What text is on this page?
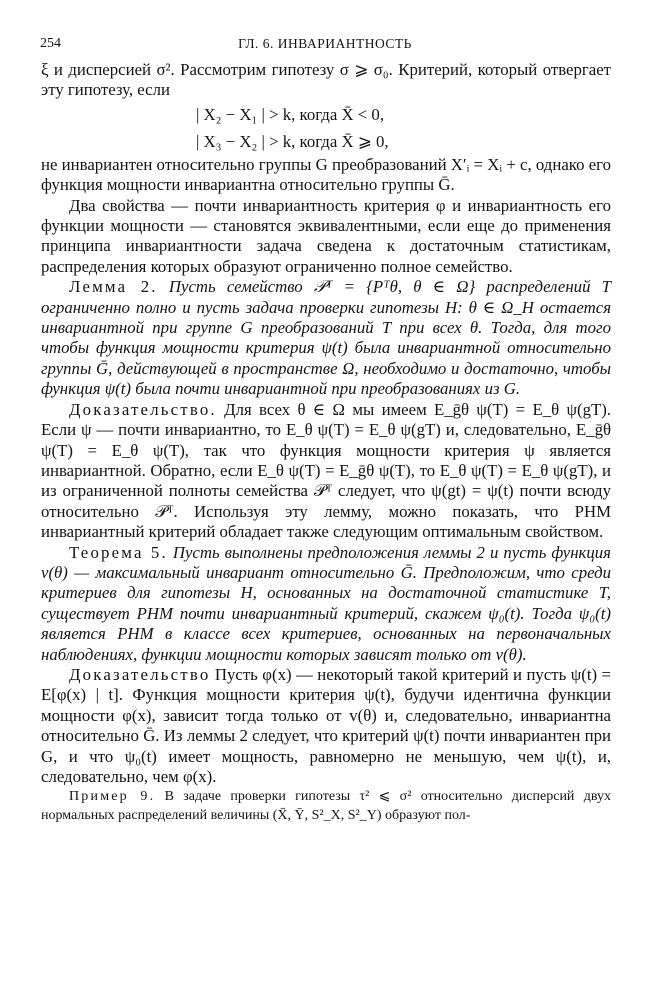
254	ГЛ. 6. ИНВАРИАНТНОСТЬ

ξ и дисперсией σ². Рассмотрим гипотезу σ ⩾ σ₀. Критерий, который отвергает эту гипотезу, если

| X₂ − X₁ | > k, когда X̄ < 0,

| X₃ − X₂ | > k, когда X̄ ⩾ 0,

не инвариантен относительно группы G преобразований X′ᵢ = Xᵢ + c, однако его функция мощности инвариантна относительно группы Ḡ.

Два свойства — почти инвариантность критерия φ и инвариантность его функции мощности — становятся эквивалентными, если еще до применения принципа инвариантности задача сведена к достаточным статистикам, распределения которых образуют ограниченно полное семейство.

Лемма 2. Пусть семейство 𝒫ᵀ = {Pᵀθ, θ ∈ Ω} распределений T ограниченно полно и пусть задача проверки гипотезы H: θ ∈ Ω_H остается инвариантной при группе G преобразований T при всех θ. Тогда, для того чтобы функция мощности критерия ψ(t) была инвариантной относительно группы Ḡ, действующей в пространстве Ω, необходимо и достаточно, чтобы функция ψ(t) была почти инвариантной при преобразованиях из G.

Доказательство. Для всех θ ∈ Ω мы имеем E_ḡθ ψ(T) = E_θ ψ(gT). Если ψ — почти инвариантно, то E_θ ψ(T) = E_θ ψ(gT) и, следовательно, E_ḡθ ψ(T) = E_θ ψ(T), так что функция мощности критерия ψ является инвариантной. Обратно, если E_θ ψ(T) = E_ḡθ ψ(T), то E_θ ψ(T) = E_θ ψ(gT), и из ограниченной полноты семейства 𝒫ᵀ следует, что ψ(gt) = ψ(t) почти всюду относительно 𝒫ᵀ. Используя эту лемму, можно показать, что РНМ инвариантный критерий обладает также следующим оптимальным свойством.

Теорема 5. Пусть выполнены предположения леммы 2 и пусть функция v(θ) — максимальный инвариант относительно Ḡ. Предположим, что среди критериев для гипотезы H, основанных на достаточной статистике T, существует РНМ почти инвариантный критерий, скажем ψ₀(t). Тогда ψ₀(t) является РНМ в классе всех критериев, основанных на первоначальных наблюдениях, функции мощности которых зависят только от v(θ).

Доказательство Пусть φ(x) — некоторый такой критерий и пусть ψ(t) = E[φ(x) | t]. Функция мощности критерия ψ(t), будучи идентична функции мощности φ(x), зависит тогда только от v(θ) и, следовательно, инвариантна относительно Ḡ. Из леммы 2 следует, что критерий ψ(t) почти инвариантен при G, и что ψ₀(t) имеет мощность, равномерно не меньшую, чем ψ(t), и, следовательно, чем φ(x).

Пример 9. В задаче проверки гипотезы τ² ⩽ σ² относительно дисперсий двух нормальных распределений величины (X̄, Ȳ, S²_X, S²_Y) образуют пол-
